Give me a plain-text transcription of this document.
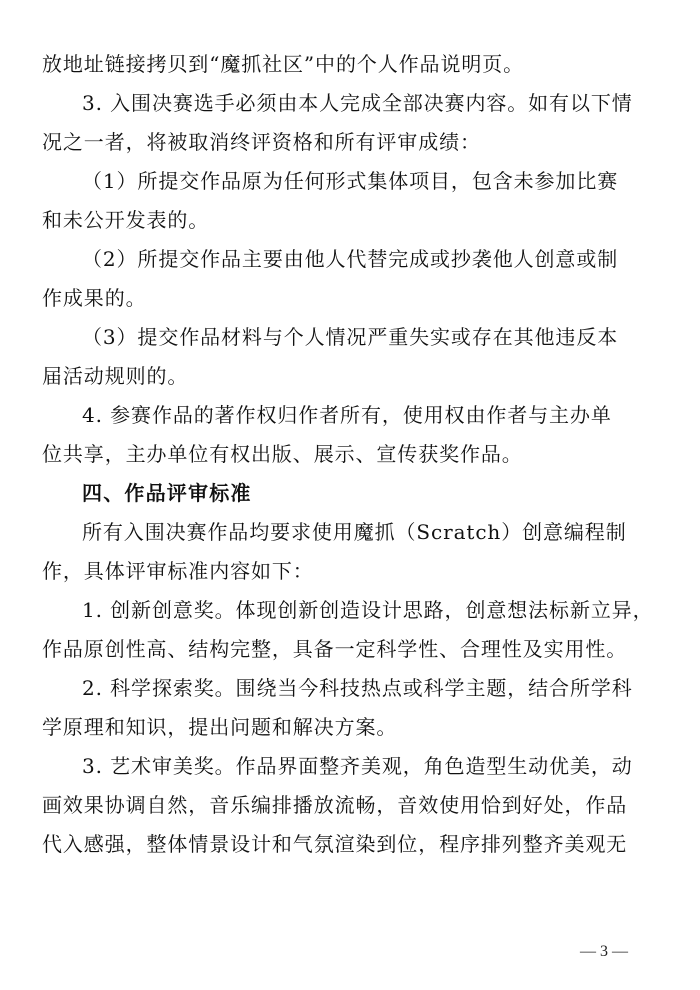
放地址链接拷贝到“魔抓社区”中的个人作品说明页。
3. 入围决赛选手必须由本人完成全部决赛内容。如有以下情
况之一者，将被取消终评资格和所有评审成绩：
（1）所提交作品原为任何形式集体项目，包含未参加比赛
和未公开发表的。
（2）所提交作品主要由他人代替完成或抄袭他人创意或制
作成果的。
（3）提交作品材料与个人情况严重失实或存在其他违反本
届活动规则的。
4. 参赛作品的著作权归作者所有，使用权由作者与主办单
位共享，主办单位有权出版、展示、宣传获奖作品。
四、作品评审标准
所有入围决赛作品均要求使用魔抓（Scratch）创意编程制
作，具体评审标准内容如下：
1. 创新创意奖。体现创新创造设计思路，创意想法标新立异，
作品原创性高、结构完整，具备一定科学性、合理性及实用性。
2. 科学探索奖。围绕当今科技热点或科学主题，结合所学科
学原理和知识，提出问题和解决方案。
3. 艺术审美奖。作品界面整齐美观，角色造型生动优美，动
画效果协调自然，音乐编排播放流畅，音效使用恰到好处，作品
代入感强，整体情景设计和气氛渲染到位，程序排列整齐美观无
— 3 —
